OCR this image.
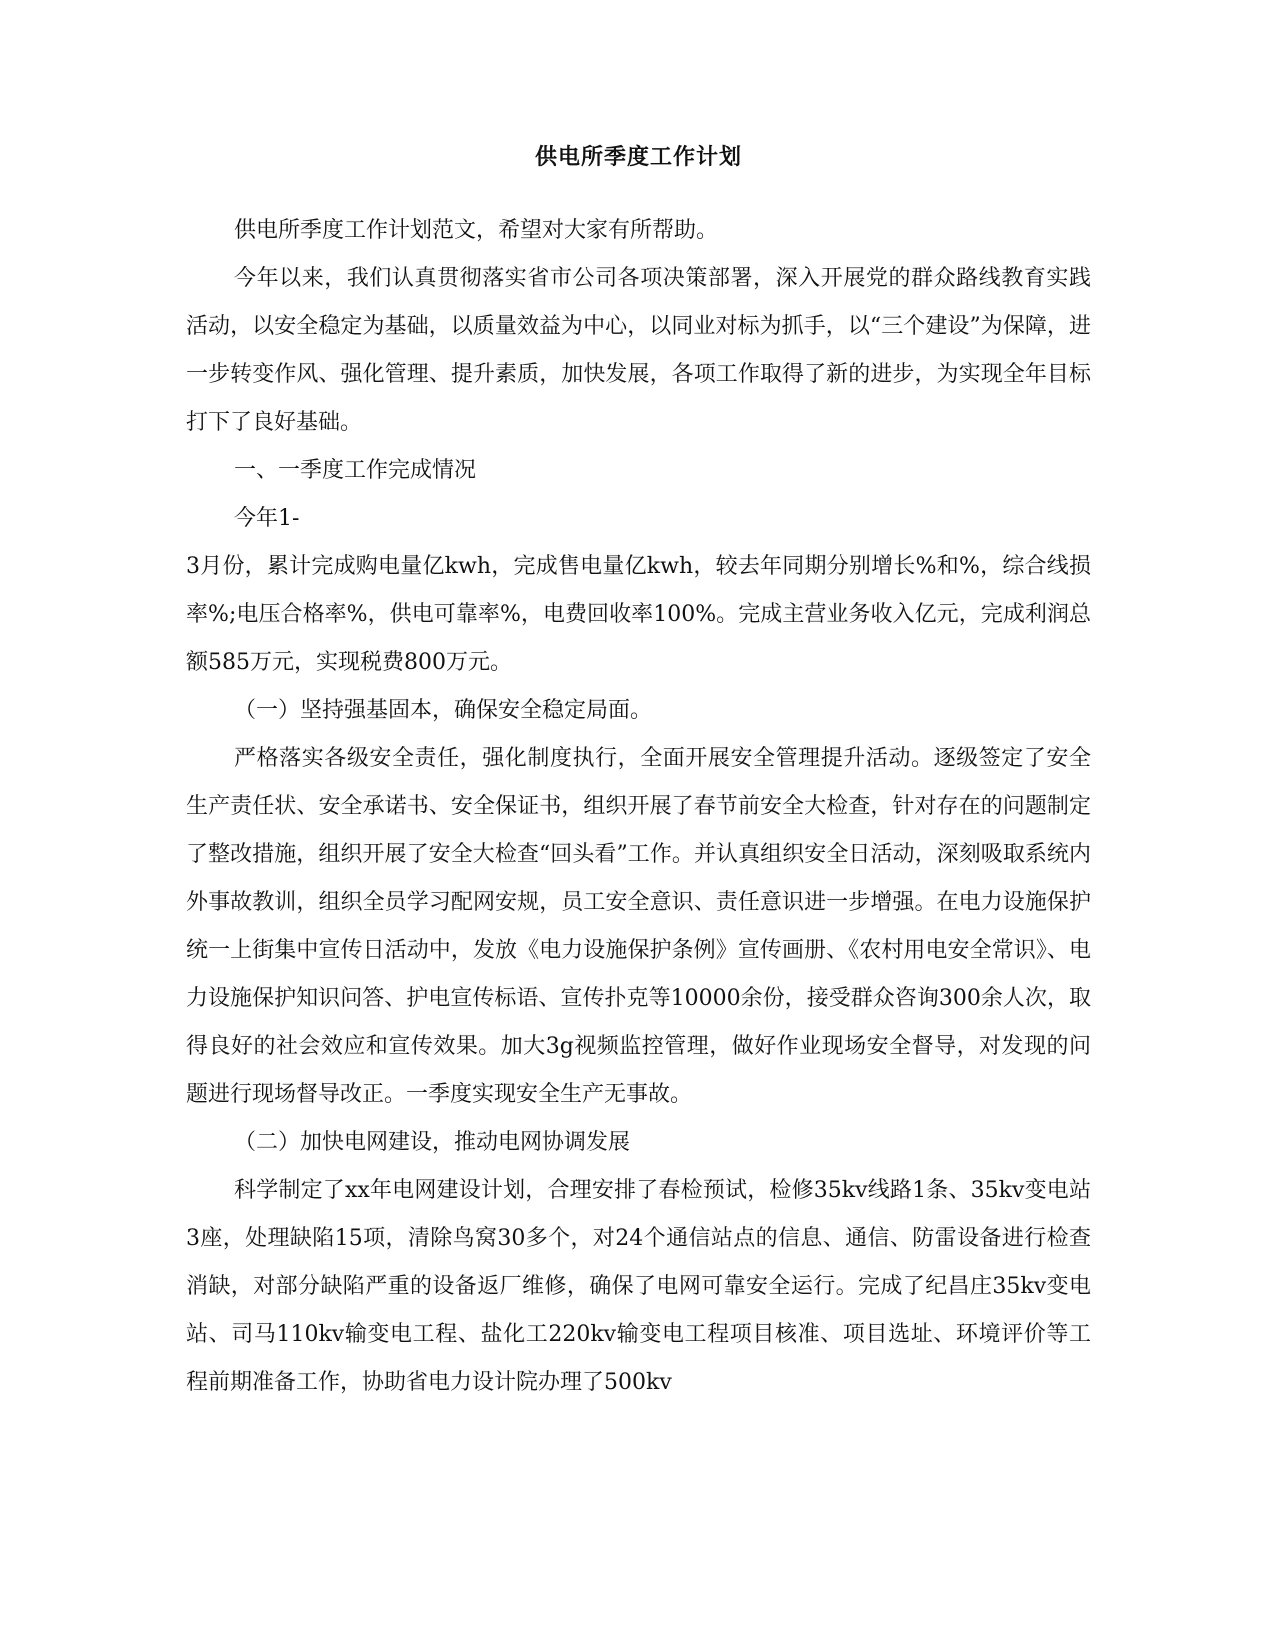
供电所季度工作计划

供电所季度工作计划范文，希望对大家有所帮助。

今年以来，我们认真贯彻落实省市公司各项决策部署，深入开展党的群众路线教育实践活动，以安全稳定为基础，以质量效益为中心，以同业对标为抓手，以“三个建设”为保障，进一步转变作风、强化管理、提升素质，加快发展，各项工作取得了新的进步，为实现全年目标打下了良好基础。

一、一季度工作完成情况

今年1-

3月份，累计完成购电量亿kwh，完成售电量亿kwh，较去年同期分别增长%和%，综合线损率%;电压合格率%，供电可靠率%，电费回收率100%。完成主营业务收入亿元，完成利润总额585万元，实现税费800万元。

（一）坚持强基固本，确保安全稳定局面。

严格落实各级安全责任，强化制度执行，全面开展安全管理提升活动。逐级签定了安全生产责任状、安全承诺书、安全保证书，组织开展了春节前安全大检查，针对存在的问题制定了整改措施，组织开展了安全大检查“回头看”工作。并认真组织安全日活动，深刻吸取系统内外事故教训，组织全员学习配网安规，员工安全意识、责任意识进一步增强。在电力设施保护统一上街集中宣传日活动中，发放《电力设施保护条例》宣传画册、《农村用电安全常识》、电力设施保护知识问答、护电宣传标语、宣传扑克等10000余份，接受群众咨询300余人次，取得良好的社会效应和宣传效果。加大3g视频监控管理，做好作业现场安全督导，对发现的问题进行现场督导改正。一季度实现安全生产无事故。

（二）加快电网建设，推动电网协调发展

科学制定了xx年电网建设计划，合理安排了春检预试，检修35kv线路1条、35kv变电站3座，处理缺陷15项，清除鸟窝30多个，对24个通信站点的信息、通信、防雷设备进行检查消缺，对部分缺陷严重的设备返厂维修，确保了电网可靠安全运行。完成了纪昌庄35kv变电站、司马110kv输变电工程、盐化工220kv输变电工程项目核准、项目选址、环境评价等工程前期准备工作，协助省电力设计院办理了500kv
